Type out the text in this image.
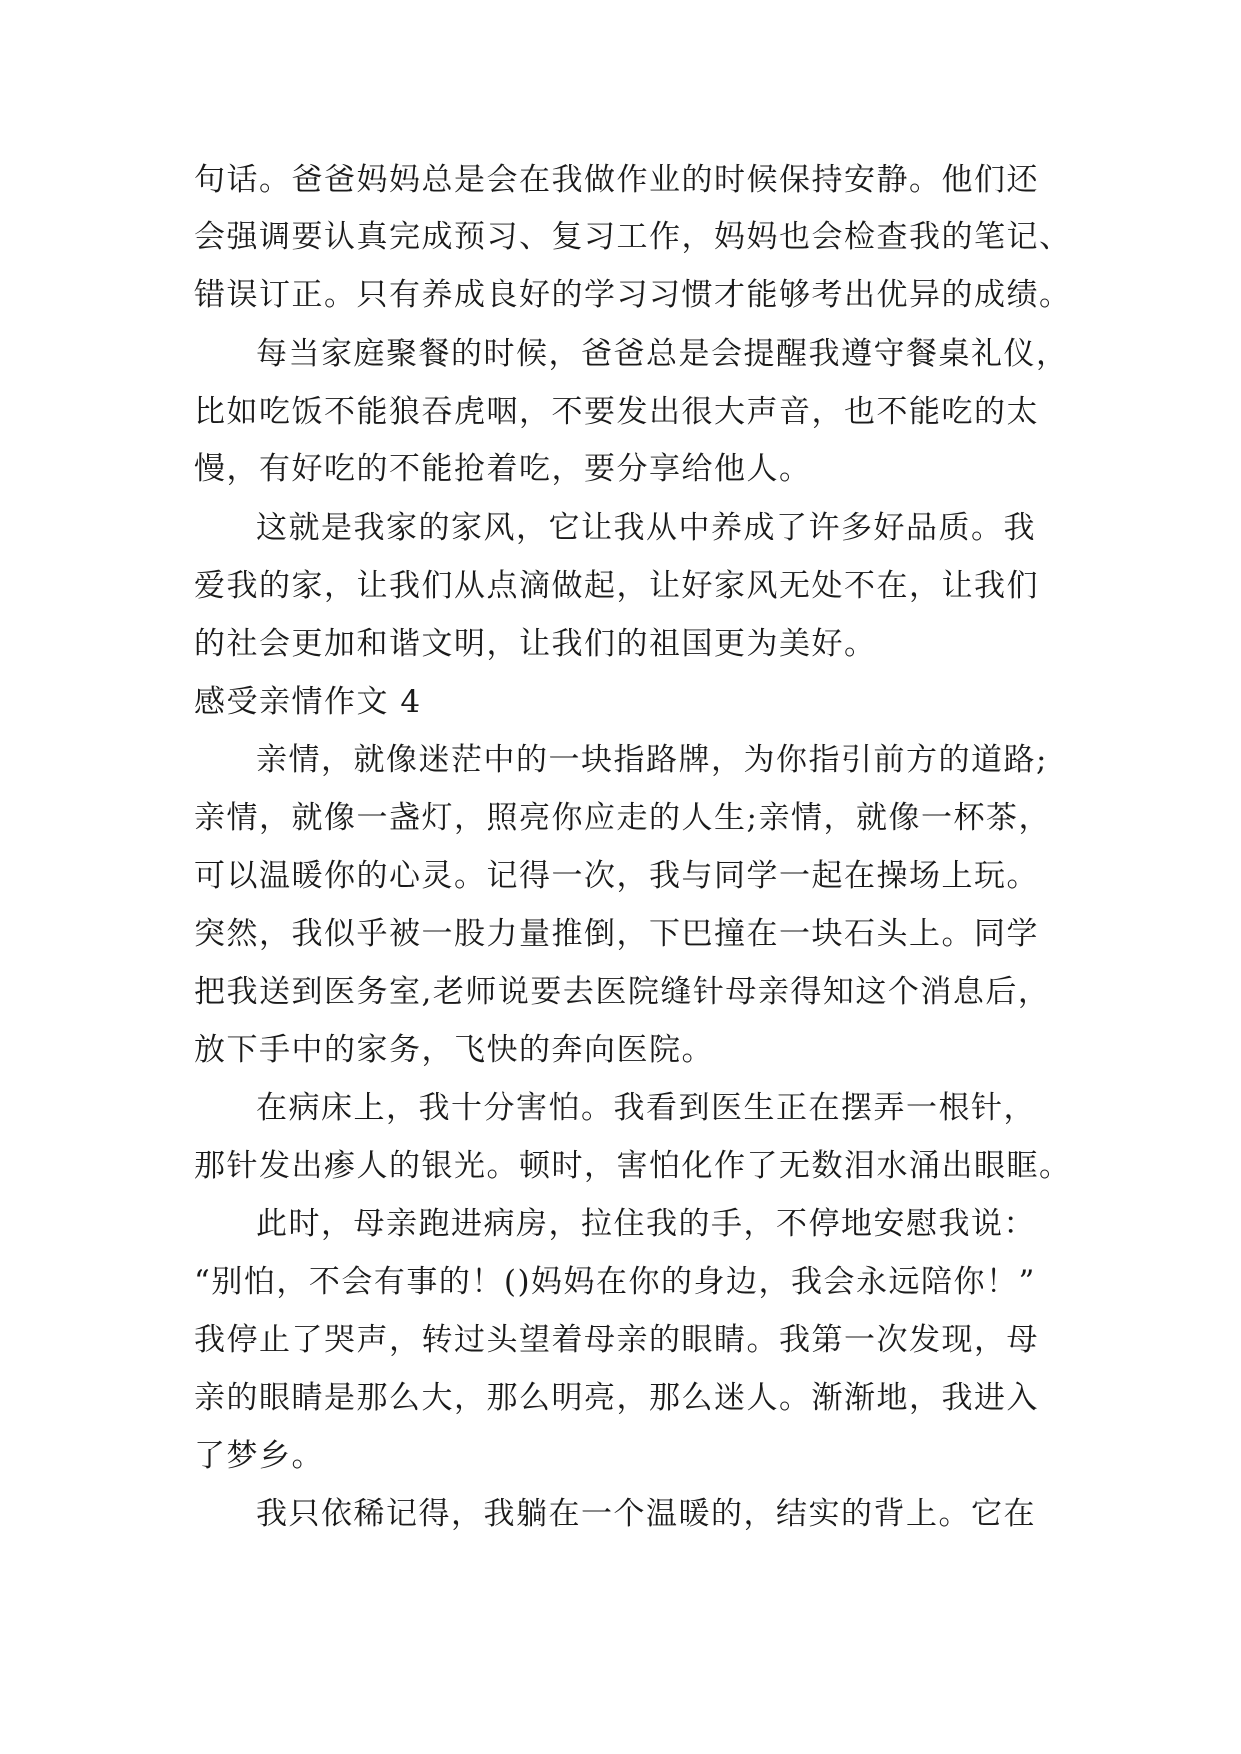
句话。爸爸妈妈总是会在我做作业的时候保持安静。他们还
会强调要认真完成预习、复习工作，妈妈也会检查我的笔记、
错误订正。只有养成良好的学习习惯才能够考出优异的成绩。
每当家庭聚餐的时候，爸爸总是会提醒我遵守餐桌礼仪，
比如吃饭不能狼吞虎咽，不要发出很大声音，也不能吃的太
慢，有好吃的不能抢着吃，要分享给他人。
这就是我家的家风，它让我从中养成了许多好品质。我
爱我的家，让我们从点滴做起，让好家风无处不在，让我们
的社会更加和谐文明，让我们的祖国更为美好。
感受亲情作文 4
亲情，就像迷茫中的一块指路牌，为你指引前方的道路;
亲情，就像一盏灯，照亮你应走的人生;亲情，就像一杯茶，
可以温暖你的心灵。记得一次，我与同学一起在操场上玩。
突然，我似乎被一股力量推倒，下巴撞在一块石头上。同学
把我送到医务室,老师说要去医院缝针母亲得知这个消息后，
放下手中的家务，飞快的奔向医院。
在病床上，我十分害怕。我看到医生正在摆弄一根针，
那针发出瘆人的银光。顿时，害怕化作了无数泪水涌出眼眶。
此时，母亲跑进病房，拉住我的手，不停地安慰我说：
“别怕，不会有事的！()妈妈在你的身边，我会永远陪你！”
我停止了哭声，转过头望着母亲的眼睛。我第一次发现，母
亲的眼睛是那么大，那么明亮，那么迷人。渐渐地，我进入
了梦乡。
我只依稀记得，我躺在一个温暖的，结实的背上。它在
